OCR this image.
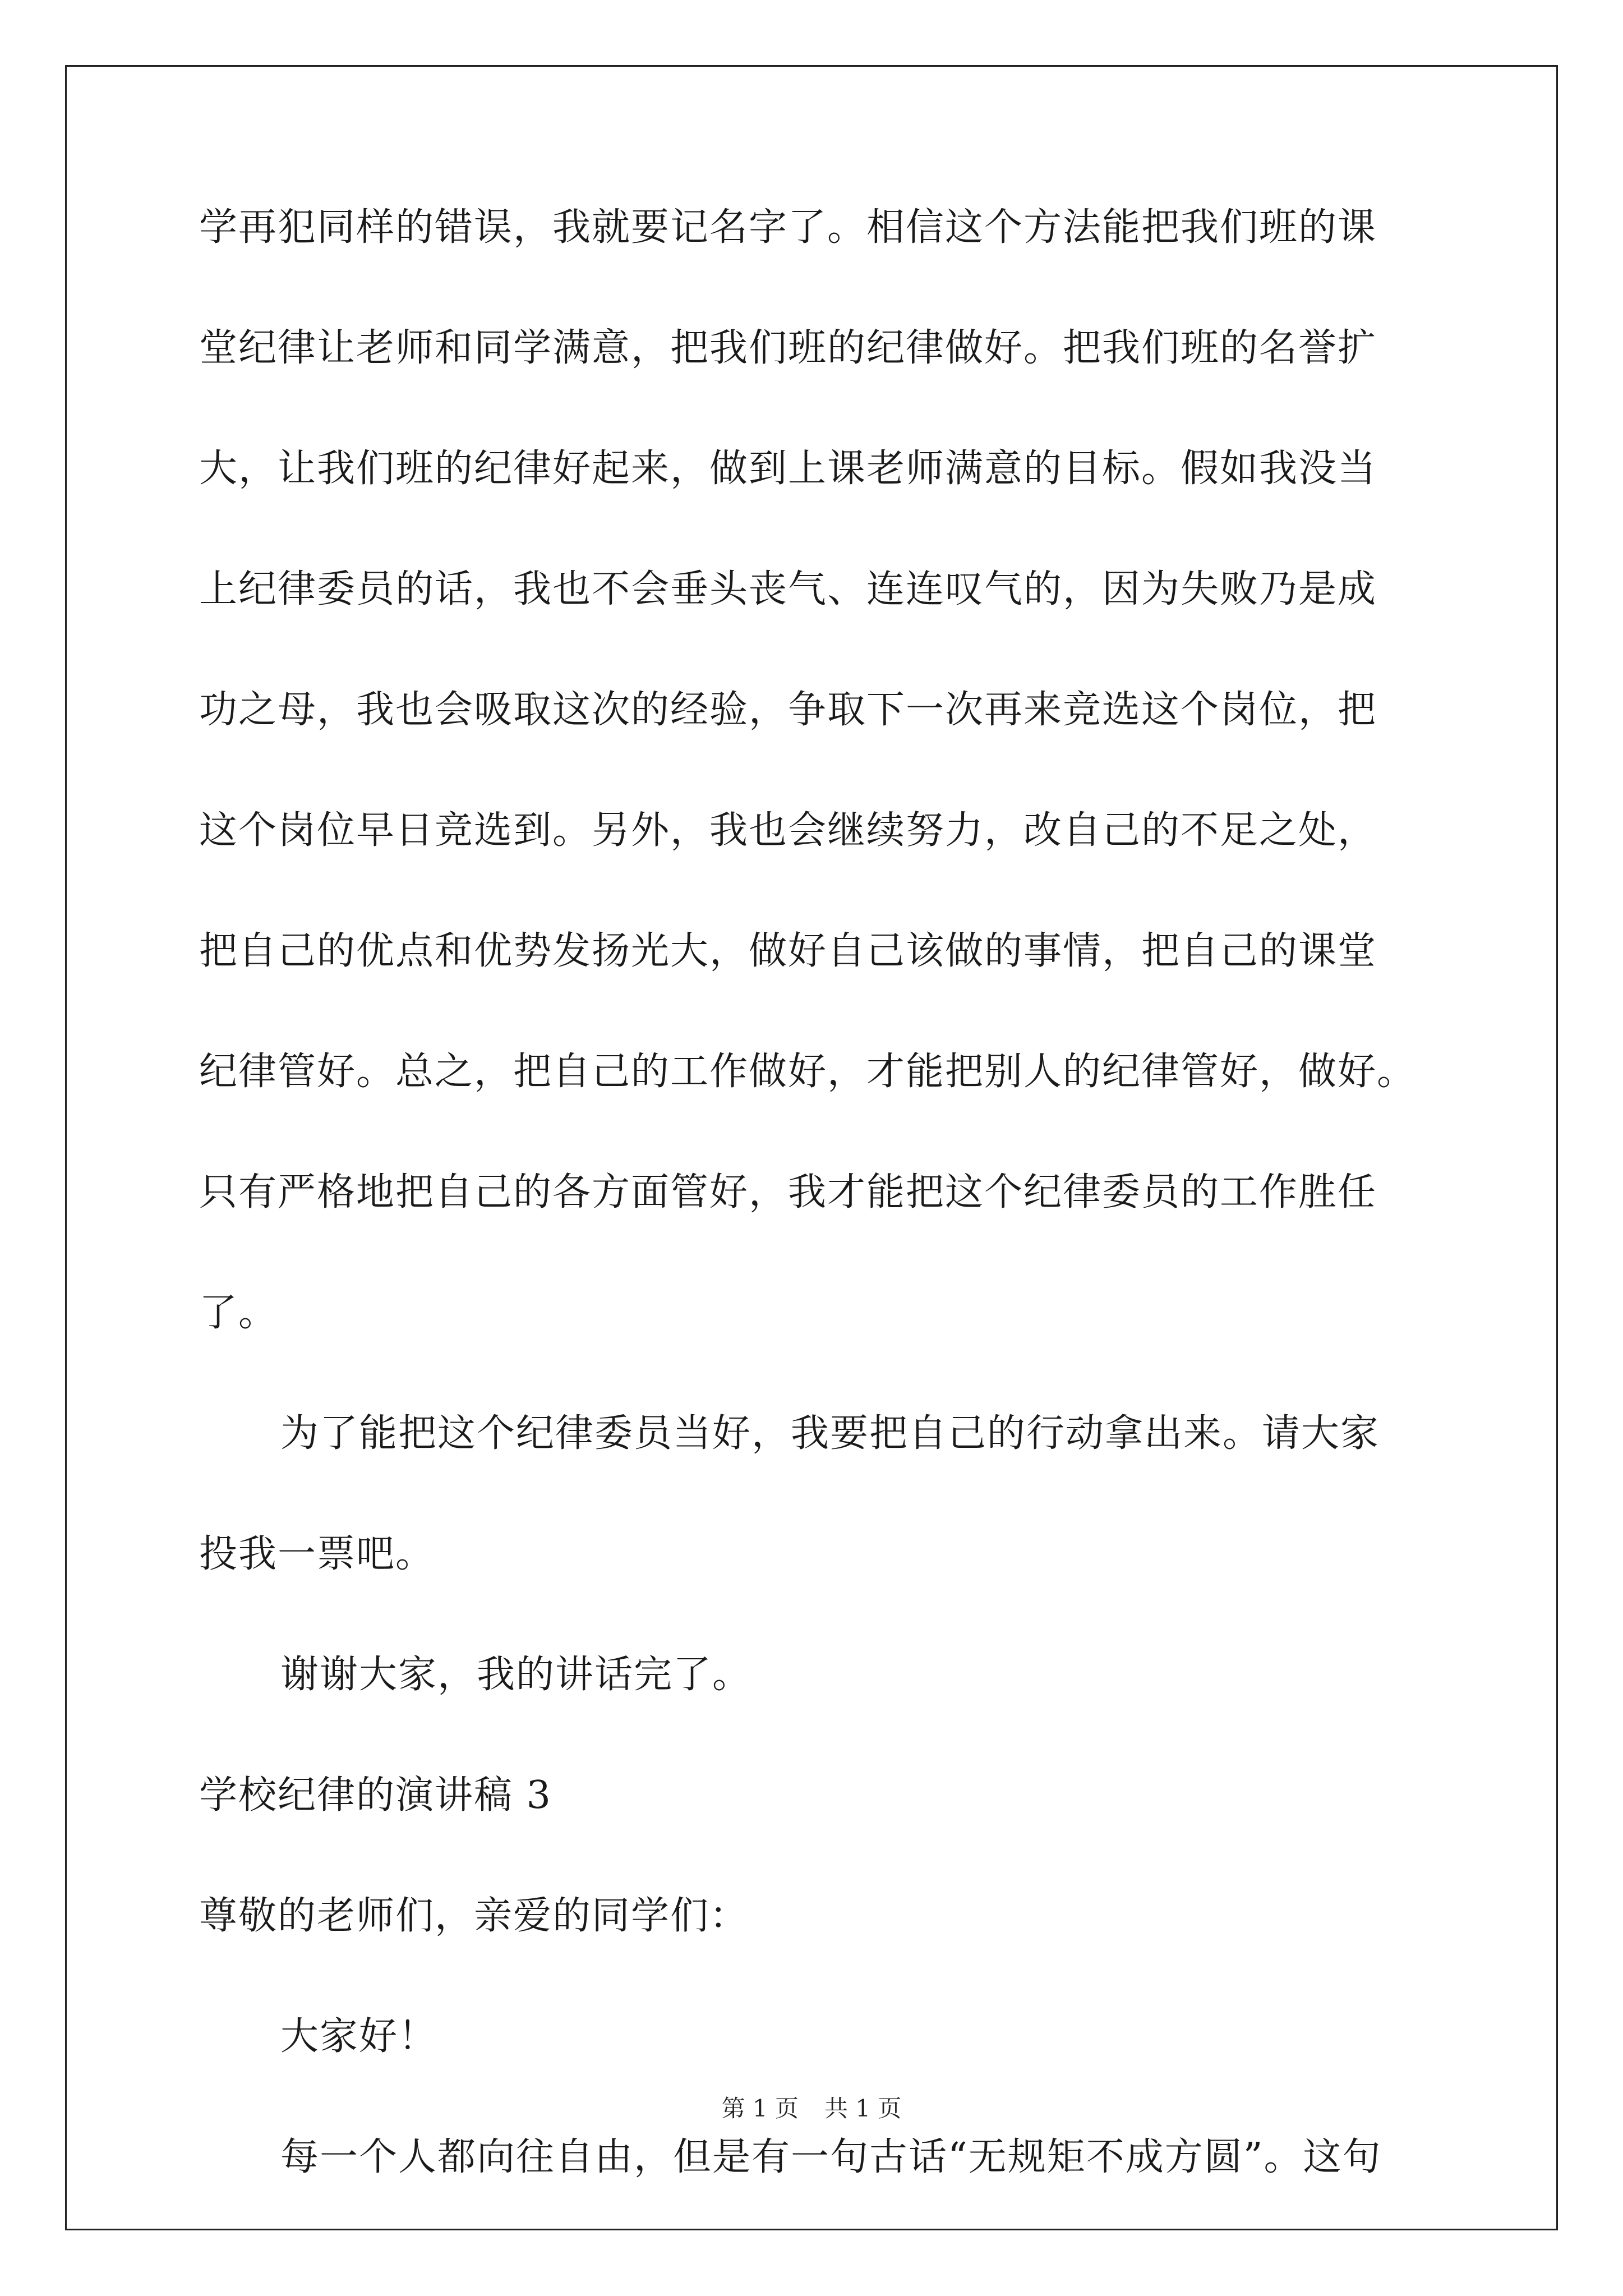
学再犯同样的错误，我就要记名字了。相信这个方法能把我们班的课
堂纪律让老师和同学满意，把我们班的纪律做好。把我们班的名誉扩
大，让我们班的纪律好起来，做到上课老师满意的目标。假如我没当
上纪律委员的话，我也不会垂头丧气、连连叹气的，因为失败乃是成
功之母，我也会吸取这次的经验，争取下一次再来竞选这个岗位，把
这个岗位早日竞选到。另外，我也会继续努力，改自己的不足之处，
把自己的优点和优势发扬光大，做好自己该做的事情，把自己的课堂
纪律管好。总之，把自己的工作做好，才能把别人的纪律管好，做好。
只有严格地把自己的各方面管好，我才能把这个纪律委员的工作胜任
了。
为了能把这个纪律委员当好，我要把自己的行动拿出来。请大家
投我一票吧。
谢谢大家，我的讲话完了。
学校纪律的演讲稿 3
尊敬的老师们，亲爱的同学们：
大家好！
每一个人都向往自由，但是有一句古话“无规矩不成方圆”。这句
第 1 页 共 1 页
